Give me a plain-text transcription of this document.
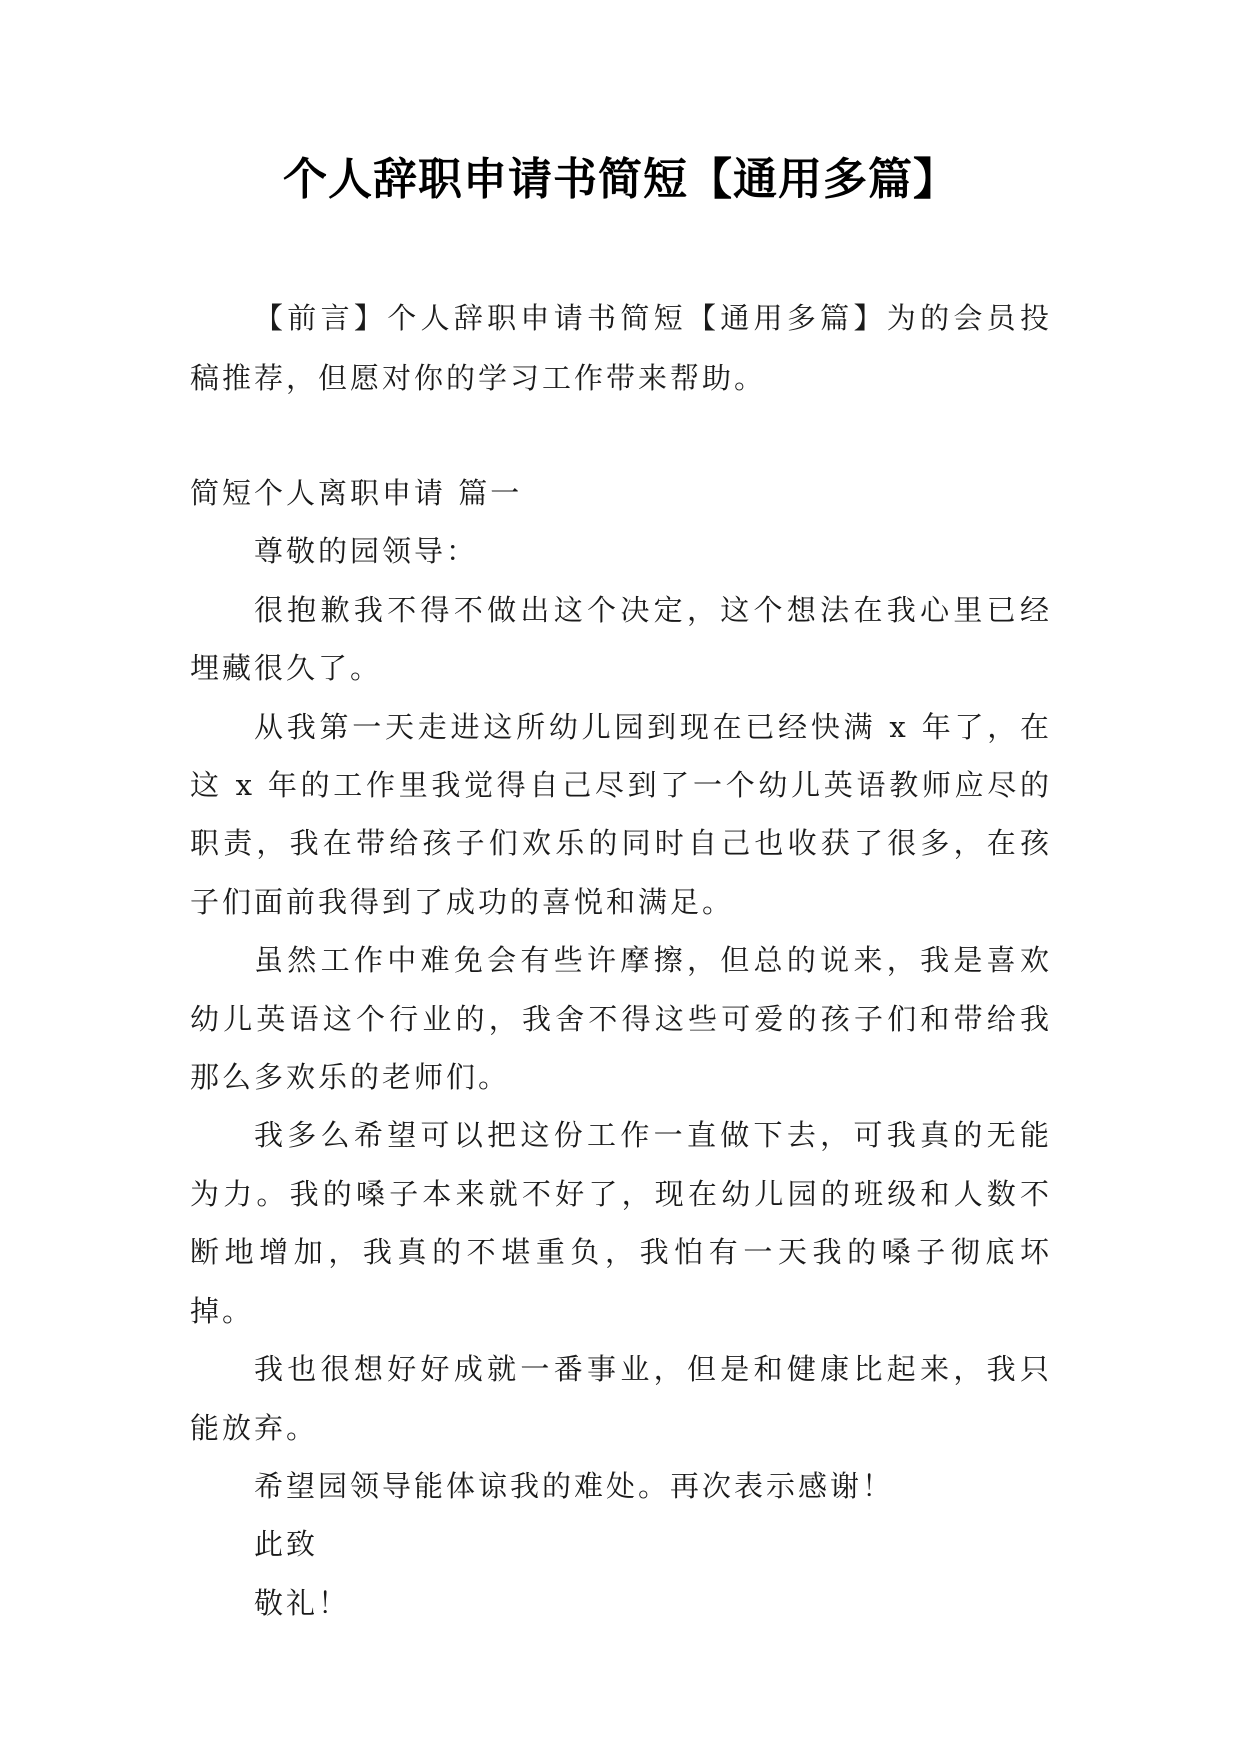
个人辞职申请书简短【通用多篇】

【前言】个人辞职申请书简短【通用多篇】为的会员投稿推荐，但愿对你的学习工作带来帮助。

简短个人离职申请 篇一

尊敬的园领导：

很抱歉我不得不做出这个决定，这个想法在我心里已经埋藏很久了。

从我第一天走进这所幼儿园到现在已经快满 x 年了，在这 x 年的工作里我觉得自己尽到了一个幼儿英语教师应尽的职责，我在带给孩子们欢乐的同时自己也收获了很多，在孩子们面前我得到了成功的喜悦和满足。

虽然工作中难免会有些许摩擦，但总的说来，我是喜欢幼儿英语这个行业的，我舍不得这些可爱的孩子们和带给我那么多欢乐的老师们。

我多么希望可以把这份工作一直做下去，可我真的无能为力。我的嗓子本来就不好了，现在幼儿园的班级和人数不断地增加，我真的不堪重负，我怕有一天我的嗓子彻底坏掉。

我也很想好好成就一番事业，但是和健康比起来，我只能放弃。

希望园领导能体谅我的难处。再次表示感谢！

此致

敬礼！
